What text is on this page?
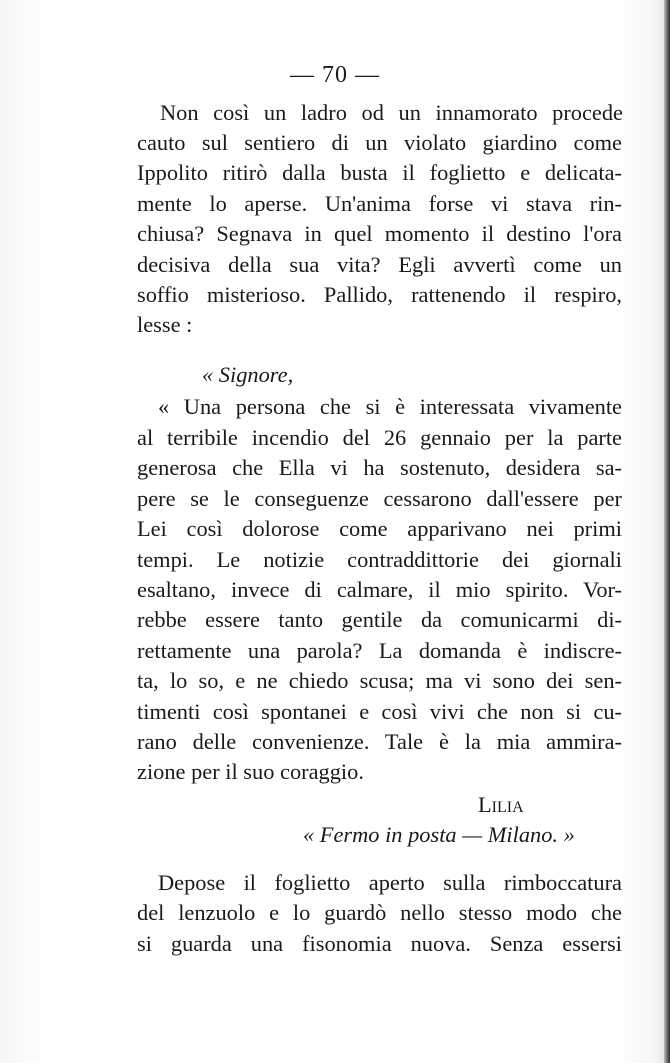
— 70 —
Non così un ladro od un innamorato procede
cauto sul sentiero di un violato giardino come
Ippolito ritirò dalla busta il foglietto e delicata-
mente lo aperse. Un'anima forse vi stava rin-
chiusa? Segnava in quel momento il destino l'ora
decisiva della sua vita? Egli avvertì come un
soffio misterioso. Pallido, rattenendo il respiro,
lesse :
« Signore,
« Una persona che si è interessata vivamente
al terribile incendio del 26 gennaio per la parte
generosa che Ella vi ha sostenuto, desidera sa-
pere se le conseguenze cessarono dall'essere per
Lei così dolorose come apparivano nei primi
tempi. Le notizie contraddittorie dei giornali
esaltano, invece di calmare, il mio spirito. Vor-
rebbe essere tanto gentile da comunicarmi di-
rettamente una parola? La domanda è indiscre-
ta, lo so, e ne chiedo scusa; ma vi sono dei sen-
timenti così spontanei e così vivi che non si cu-
rano delle convenienze. Tale è la mia ammira-
zione per il suo coraggio.
Lilia
« Fermo in posta — Milano. »
Depose il foglietto aperto sulla rimboccatura
del lenzuolo e lo guardò nello stesso modo che
si guarda una fisonomia nuova. Senza essersi
